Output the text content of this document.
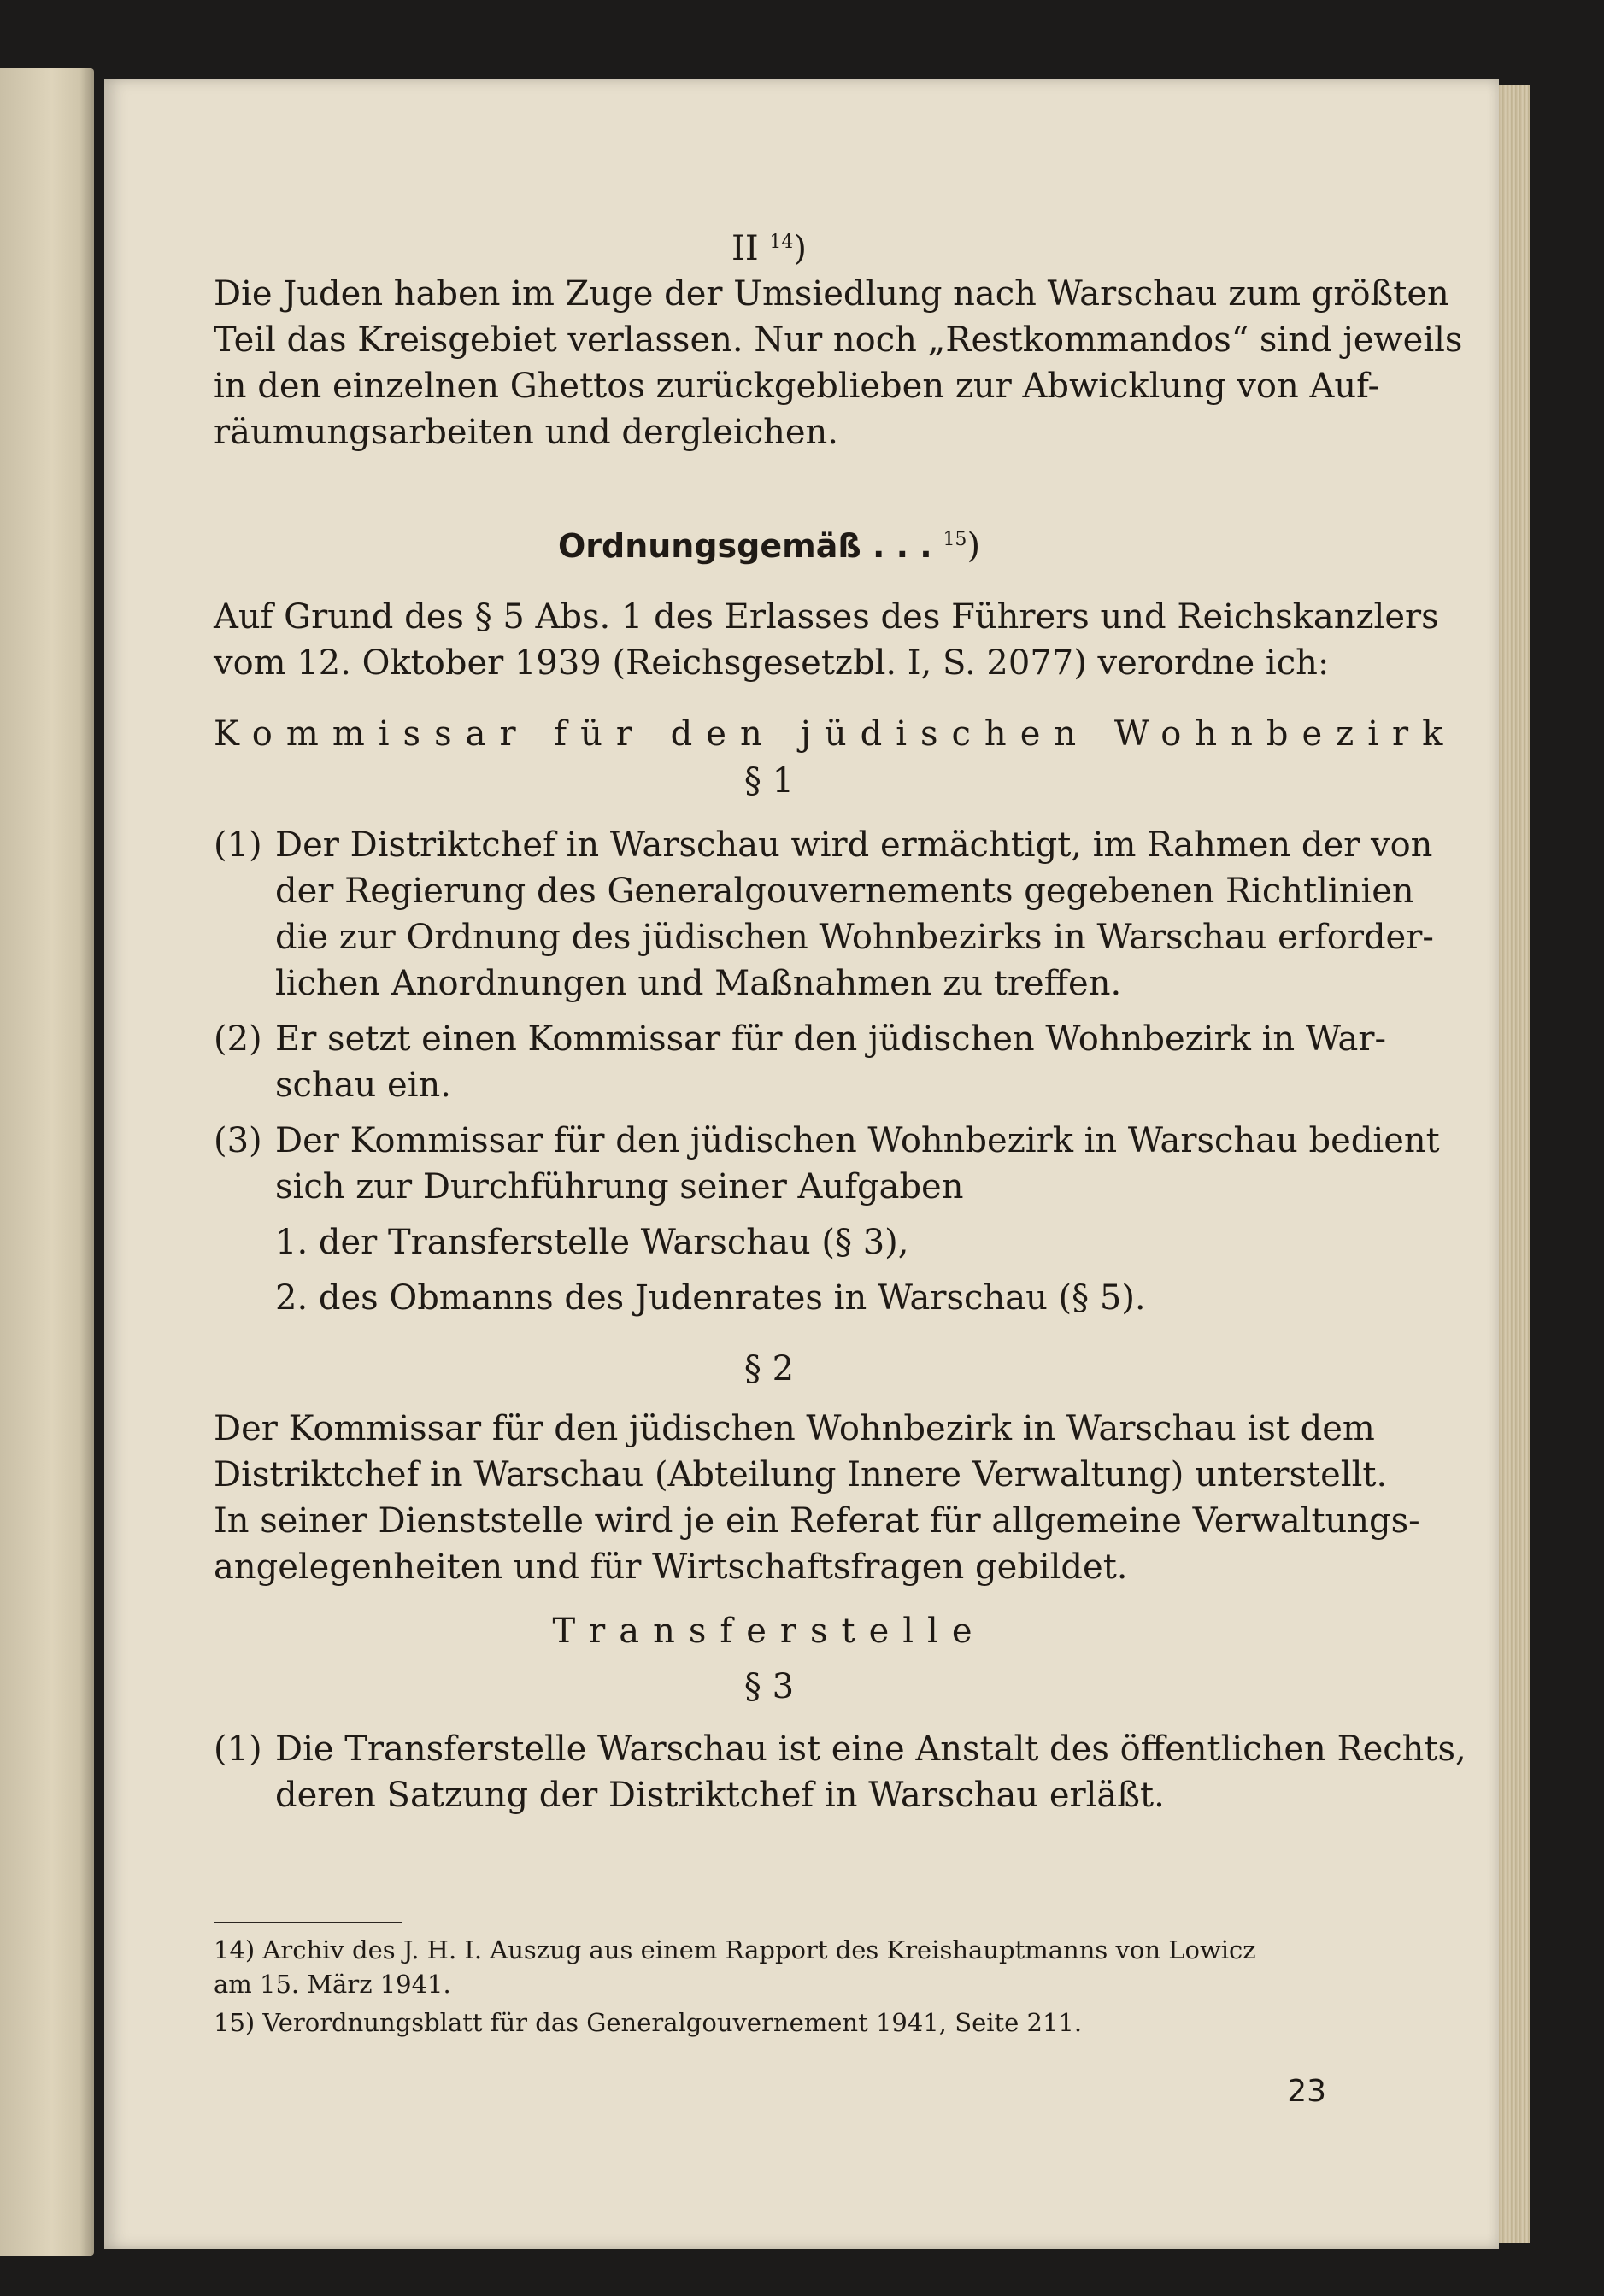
II $^{14}$)
Die Juden haben im Zuge der Umsiedlung nach Warschau zum größten
Teil das Kreisgebiet verlassen. Nur noch „Restkommandos“ sind jeweils
in den einzelnen Ghettos zurückgeblieben zur Abwicklung von Auf-
räumungsarbeiten und dergleichen.
Ordnungsgemäß . . . $^{15}$)
Auf Grund des § 5 Abs. 1 des Erlasses des Führers und Reichskanzlers
vom 12. Oktober 1939 (Reichsgesetzbl. I, S. 2077) verordne ich:
Kommissar für den jüdischen Wohnbezirk
§ 1
(1) Der Distriktchef in Warschau wird ermächtigt, im Rahmen der von
der Regierung des Generalgouvernements gegebenen Richtlinien
die zur Ordnung des jüdischen Wohnbezirks in Warschau erforder-
lichen Anordnungen und Maßnahmen zu treffen.
(2) Er setzt einen Kommissar für den jüdischen Wohnbezirk in War-
schau ein.
(3) Der Kommissar für den jüdischen Wohnbezirk in Warschau bedient
sich zur Durchführung seiner Aufgaben
1. der Transferstelle Warschau (§ 3),
2. des Obmanns des Judenrates in Warschau (§ 5).
§ 2
Der Kommissar für den jüdischen Wohnbezirk in Warschau ist dem
Distriktchef in Warschau (Abteilung Innere Verwaltung) unterstellt.
In seiner Dienststelle wird je ein Referat für allgemeine Verwaltungs-
angelegenheiten und für Wirtschaftsfragen gebildet.
Transferstelle
§ 3
(1) Die Transferstelle Warschau ist eine Anstalt des öffentlichen Rechts,
deren Satzung der Distriktchef in Warschau erläßt.
14) Archiv des J. H. I. Auszug aus einem Rapport des Kreishauptmanns von Lowicz
am 15. März 1941.
15) Verordnungsblatt für das Generalgouvernement 1941, Seite 211.
23
